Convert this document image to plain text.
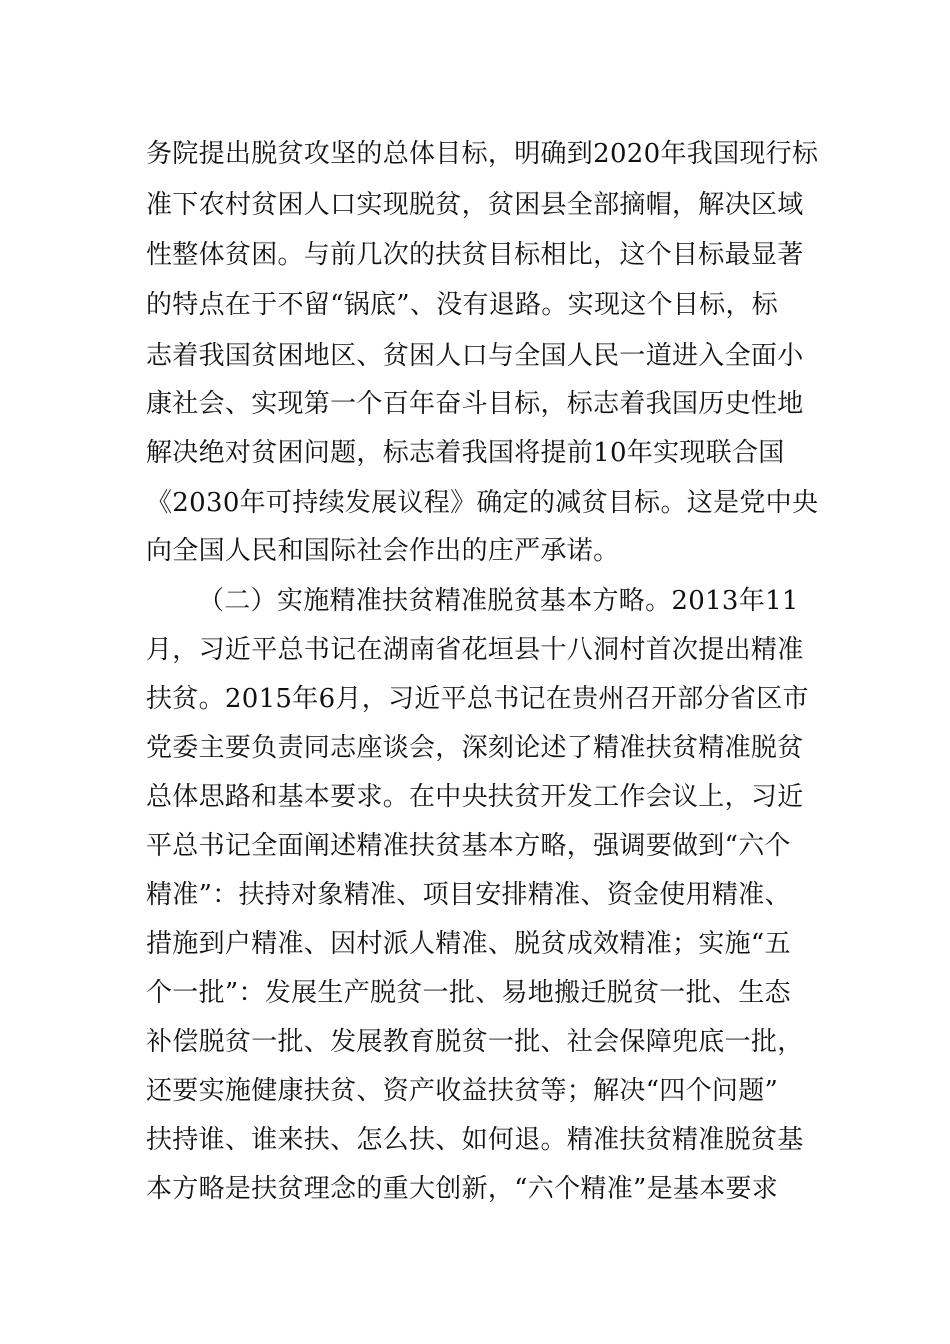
务院提出脱贫攻坚的总体目标，明确到2020年我国现行标
准下农村贫困人口实现脱贫，贫困县全部摘帽，解决区域
性整体贫困。与前几次的扶贫目标相比，这个目标最显著
的特点在于不留“锅底”、没有退路。实现这个目标，标
志着我国贫困地区、贫困人口与全国人民一道进入全面小
康社会、实现第一个百年奋斗目标，标志着我国历史性地
解决绝对贫困问题，标志着我国将提前10年实现联合国
《2030年可持续发展议程》确定的减贫目标。这是党中央
向全国人民和国际社会作出的庄严承诺。
（二）实施精准扶贫精准脱贫基本方略。2013年11
月，习近平总书记在湖南省花垣县十八洞村首次提出精准
扶贫。2015年6月，习近平总书记在贵州召开部分省区市
党委主要负责同志座谈会，深刻论述了精准扶贫精准脱贫
总体思路和基本要求。在中央扶贫开发工作会议上，习近
平总书记全面阐述精准扶贫基本方略，强调要做到“六个
精准”：扶持对象精准、项目安排精准、资金使用精准、
措施到户精准、因村派人精准、脱贫成效精准；实施“五
个一批”：发展生产脱贫一批、易地搬迁脱贫一批、生态
补偿脱贫一批、发展教育脱贫一批、社会保障兜底一批，
还要实施健康扶贫、资产收益扶贫等；解决“四个问题”
扶持谁、谁来扶、怎么扶、如何退。精准扶贫精准脱贫基
本方略是扶贫理念的重大创新，“六个精准”是基本要求
